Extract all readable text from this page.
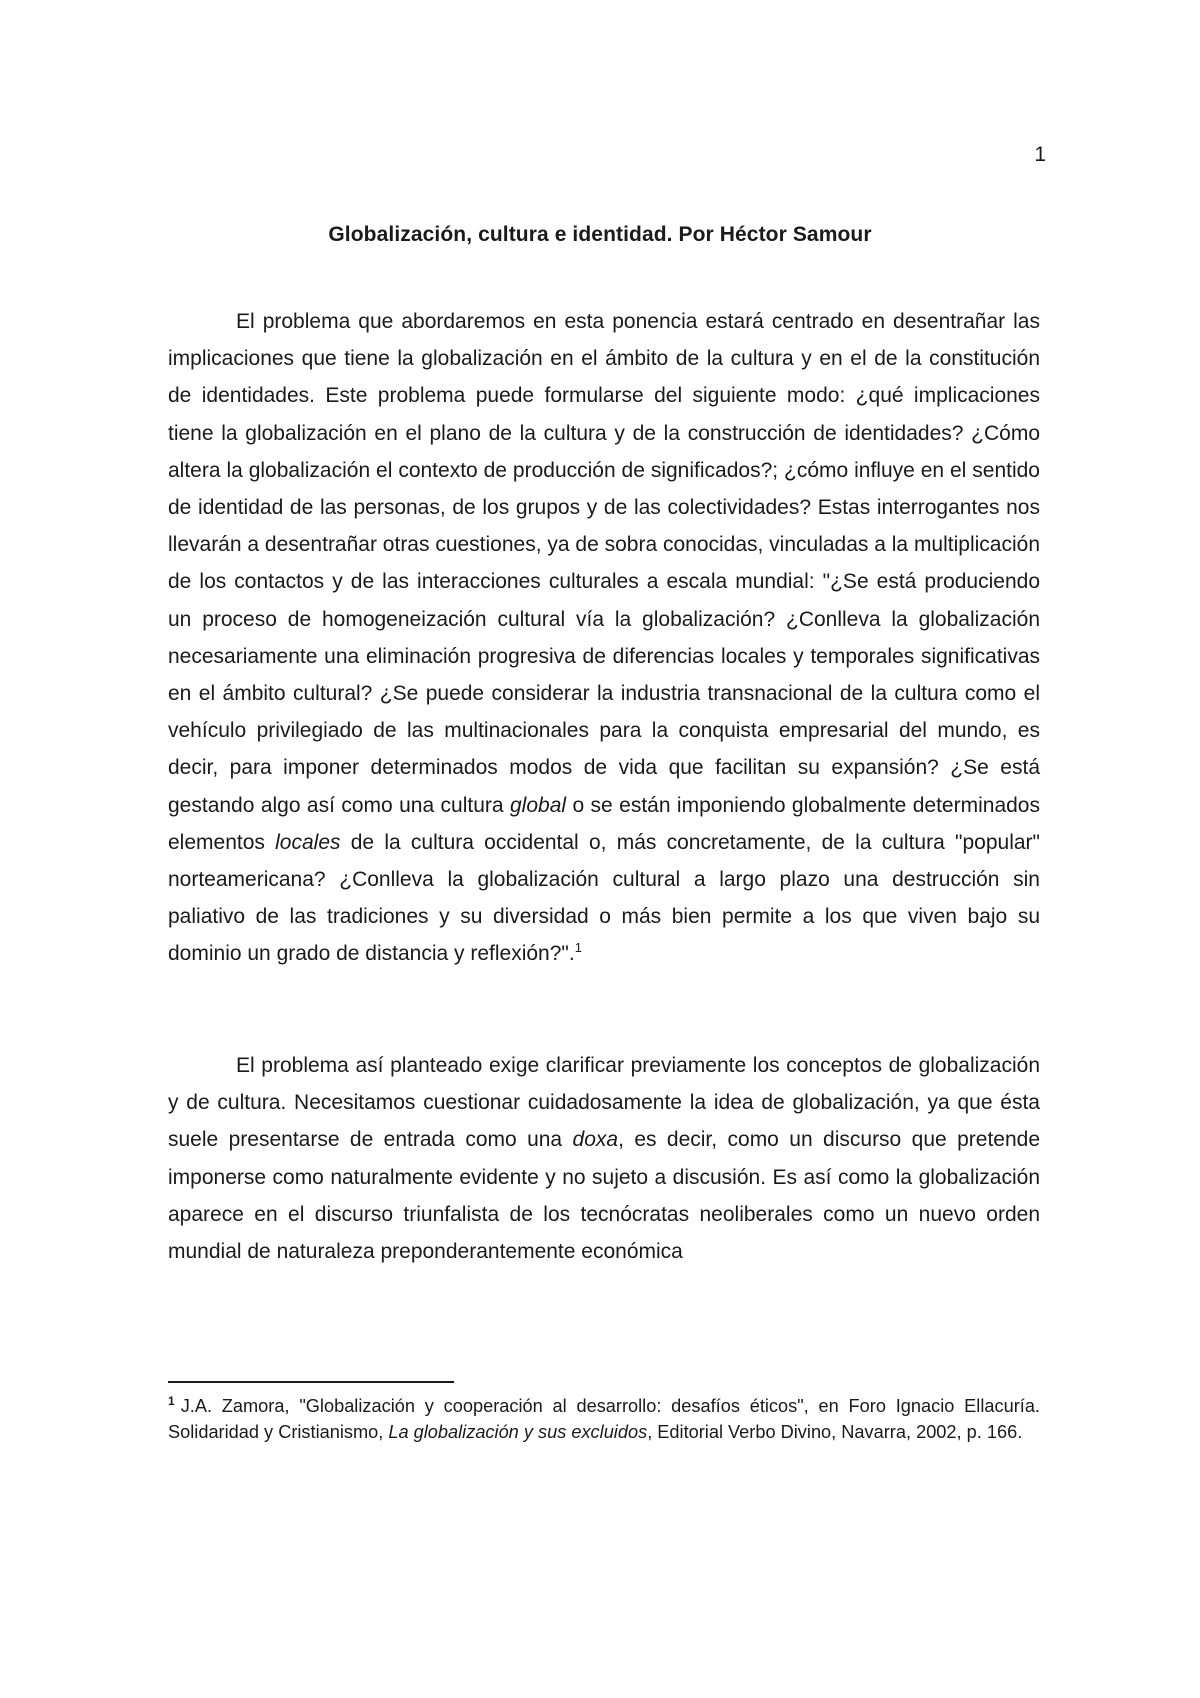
1
Globalización, cultura e identidad. Por Héctor Samour

El problema que abordaremos en esta ponencia estará centrado en desentrañar las implicaciones que tiene la globalización en el ámbito de la cultura y en el de la constitución de identidades. Este problema puede formularse del siguiente modo: ¿qué implicaciones tiene la globalización en el plano de la cultura y de la construcción de identidades? ¿Cómo altera la globalización el contexto de producción de significados?; ¿cómo influye en el sentido de identidad de las personas, de los grupos y de las colectividades? Estas interrogantes nos llevarán a desentrañar otras cuestiones, ya de sobra conocidas, vinculadas a la multiplicación de los contactos y de las interacciones culturales a escala mundial: "¿Se está produciendo un proceso de homogeneización cultural vía la globalización? ¿Conlleva la globalización necesariamente una eliminación progresiva de diferencias locales y temporales significativas en el ámbito cultural? ¿Se puede considerar la industria transnacional de la cultura como el vehículo privilegiado de las multinacionales para la conquista empresarial del mundo, es decir, para imponer determinados modos de vida que facilitan su expansión? ¿Se está gestando algo así como una cultura global o se están imponiendo globalmente determinados elementos locales de la cultura occidental o, más concretamente, de la cultura "popular" norteamericana? ¿Conlleva la globalización cultural a largo plazo una destrucción sin paliativo de las tradiciones y su diversidad o más bien permite a los que viven bajo su dominio un grado de distancia y reflexión?".$^1$

El problema así planteado exige clarificar previamente los conceptos de globalización y de cultura. Necesitamos cuestionar cuidadosamente la idea de globalización, ya que ésta suele presentarse de entrada como una doxa, es decir, como un discurso que pretende imponerse como naturalmente evidente y no sujeto a discusión. Es así como la globalización aparece en el discurso triunfalista de los tecnócratas neoliberales como un nuevo orden mundial de naturaleza preponderantemente económica

$^1$ J.A. Zamora, "Globalización y cooperación al desarrollo: desafíos éticos", en Foro Ignacio Ellacuría. Solidaridad y Cristianismo, La globalización y sus excluidos, Editorial Verbo Divino, Navarra, 2002, p. 166.
